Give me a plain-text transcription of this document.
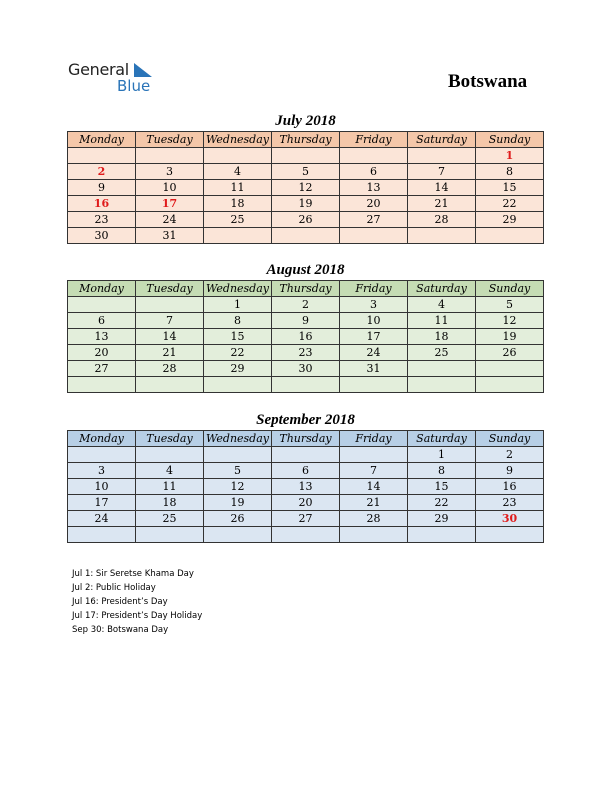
General
Blue	Botswana
July 2018
Monday	Tuesday	Wednesday	Thursday	Friday	Saturday	Sunday
						1
2	3	4	5	6	7	8
9	10	11	12	13	14	15
16	17	18	19	20	21	22
23	24	25	26	27	28	29
30	31					
August 2018
Monday	Tuesday	Wednesday	Thursday	Friday	Saturday	Sunday
		1	2	3	4	5
6	7	8	9	10	11	12
13	14	15	16	17	18	19
20	21	22	23	24	25	26
27	28	29	30	31		

September 2018
Monday	Tuesday	Wednesday	Thursday	Friday	Saturday	Sunday
					1	2
3	4	5	6	7	8	9
10	11	12	13	14	15	16
17	18	19	20	21	22	23
24	25	26	27	28	29	30

Jul 1: Sir Seretse Khama Day
Jul 2: Public Holiday
Jul 16: President’s Day
Jul 17: President’s Day Holiday
Sep 30: Botswana Day
